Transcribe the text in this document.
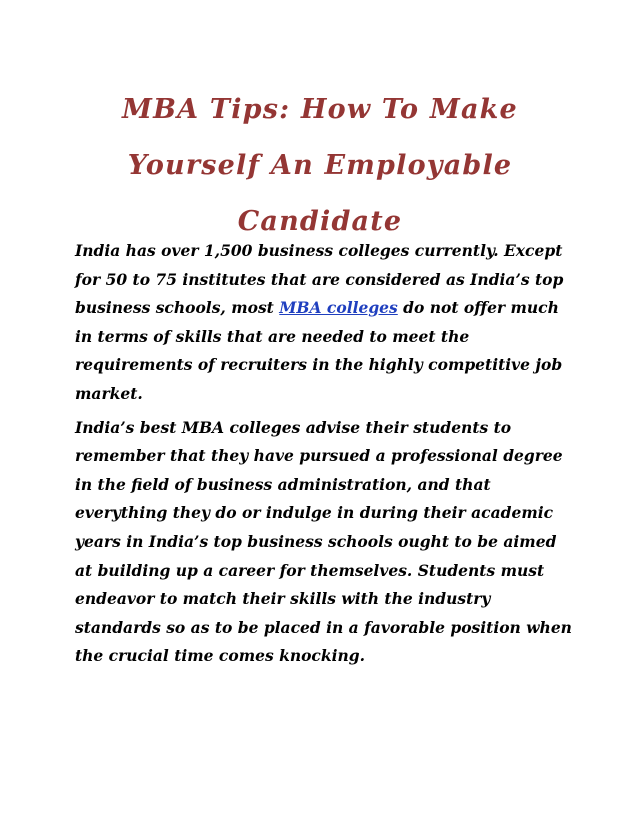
MBA Tips: How To Make Yourself An Employable Candidate

India has over 1,500 business colleges currently. Except for 50 to 75 institutes that are considered as India’s top business schools, most MBA colleges do not offer much in terms of skills that are needed to meet the requirements of recruiters in the highly competitive job market.

India’s best MBA colleges advise their students to remember that they have pursued a professional degree in the field of business administration, and that everything they do or indulge in during their academic years in India’s top business schools ought to be aimed at building up a career for themselves. Students must endeavor to match their skills with the industry standards so as to be placed in a favorable position when the crucial time comes knocking.
